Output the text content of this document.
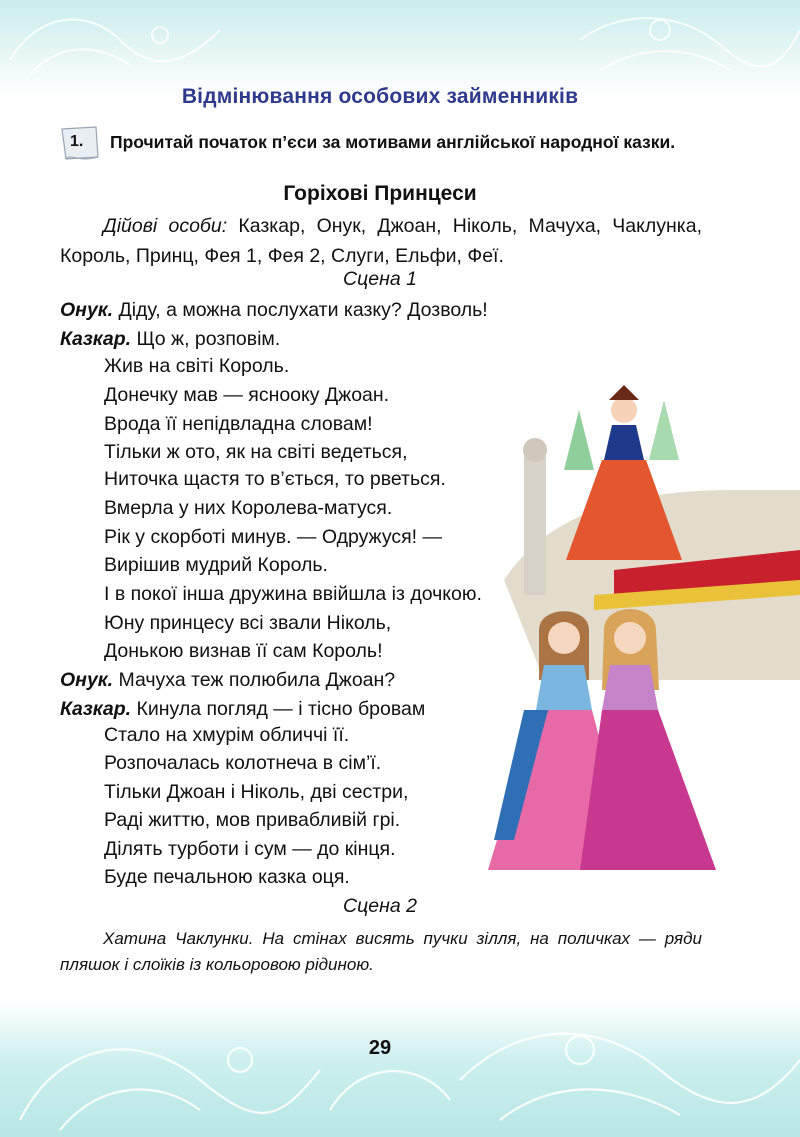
Відмінювання особових займенників
1. Прочитай початок п’єси за мотивами англійської народної казки.
Горіхові Принцеси
Дійові особи: Казкар, Онук, Джоан, Ніколь, Мачуха, Чаклунка, Король, Принц, Фея 1, Фея 2, Слуги, Ельфи, Феї.
Сцена 1
Онук. Діду, а можна послухати казку? Дозволь!
Казкар. Що ж, розповім.
Жив на світі Король.
Донечку мав — яснооку Джоан.
Врода її непідвладна словам!
Тільки ж ото, як на світі ведеться,
Ниточка щастя то в’ється, то рветься.
Вмерла у них Королева-матуся.
Рік у скорботі минув. — Одружуся! —
Вирішив мудрий Король.
І в покої інша дружина ввійшла із дочкою.
Юну принцесу всі звали Ніколь,
Донькою визнав її сам Король!
Онук. Мачуха теж полюбила Джоан?
Казкар. Кинула погляд — і тісно бровам
Стало на хмурім обличчі її.
Розпочалась колотнеча в сім’ї.
Тільки Джоан і Ніколь, дві сестри,
Раді життю, мов привабливій грі.
Ділять турботи і сум — до кінця.
Буде печальною казка оця.
Сцена 2
Хатина Чаклунки. На стінах висять пучки зілля, на поличках — ряди пляшок і слоїків із кольоровою рідиною.
29
